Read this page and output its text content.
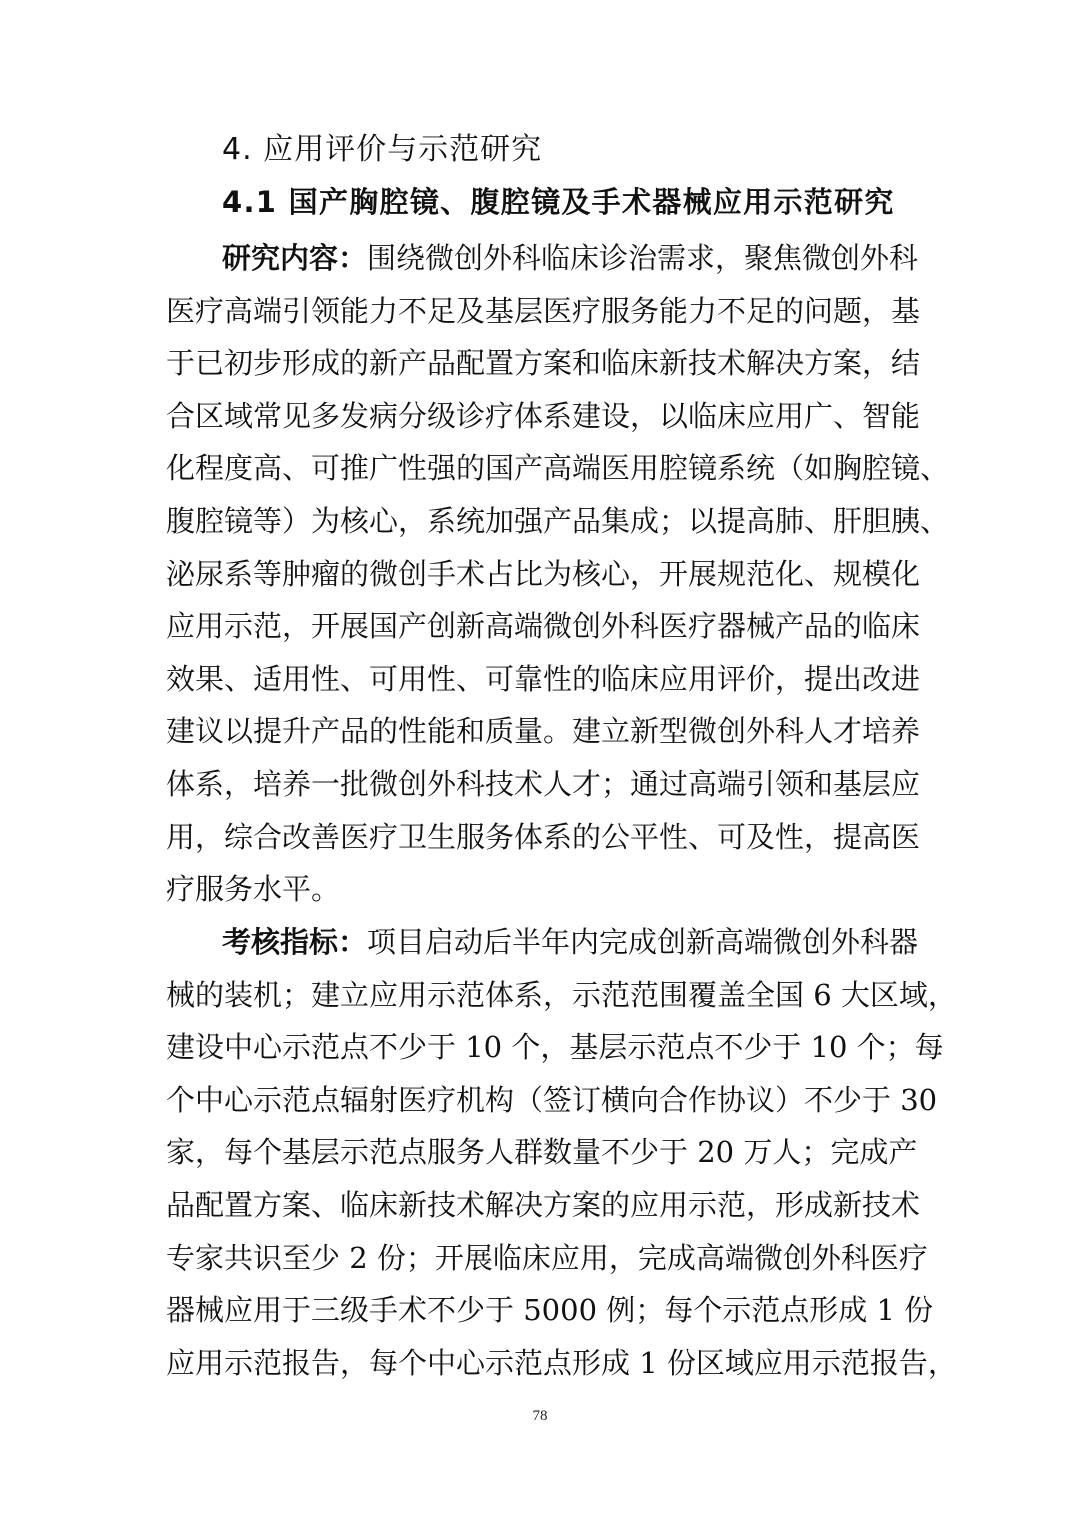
4. 应用评价与示范研究
4.1 国产胸腔镜、腹腔镜及手术器械应用示范研究
研究内容：围绕微创外科临床诊治需求，聚焦微创外科
医疗高端引领能力不足及基层医疗服务能力不足的问题，基
于已初步形成的新产品配置方案和临床新技术解决方案，结
合区域常见多发病分级诊疗体系建设，以临床应用广、智能
化程度高、可推广性强的国产高端医用腔镜系统（如胸腔镜、
腹腔镜等）为核心，系统加强产品集成；以提高肺、肝胆胰、
泌尿系等肿瘤的微创手术占比为核心，开展规范化、规模化
应用示范，开展国产创新高端微创外科医疗器械产品的临床
效果、适用性、可用性、可靠性的临床应用评价，提出改进
建议以提升产品的性能和质量。建立新型微创外科人才培养
体系，培养一批微创外科技术人才；通过高端引领和基层应
用，综合改善医疗卫生服务体系的公平性、可及性，提高医
疗服务水平。
考核指标：项目启动后半年内完成创新高端微创外科器
械的装机；建立应用示范体系，示范范围覆盖全国 6 大区域，
建设中心示范点不少于 10 个，基层示范点不少于 10 个；每
个中心示范点辐射医疗机构（签订横向合作协议）不少于 30
家，每个基层示范点服务人群数量不少于 20 万人；完成产
品配置方案、临床新技术解决方案的应用示范，形成新技术
专家共识至少 2 份；开展临床应用，完成高端微创外科医疗
器械应用于三级手术不少于 5000 例；每个示范点形成 1 份
应用示范报告，每个中心示范点形成 1 份区域应用示范报告，
78
